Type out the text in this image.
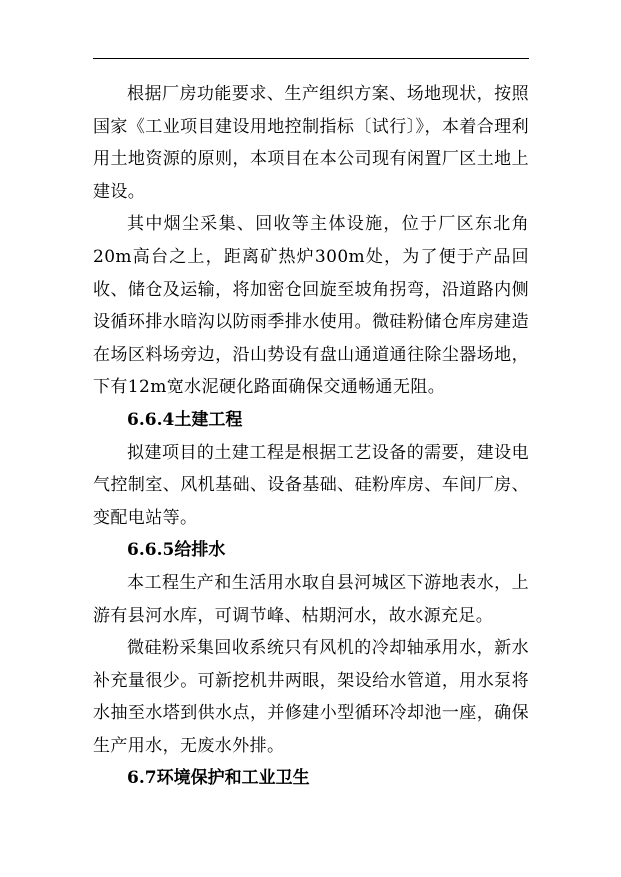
根据厂房功能要求、生产组织方案、场地现状，按照国家《工业项目建设用地控制指标〔试行〕》，本着合理利用土地资源的原则，本项目在本公司现有闲置厂区土地上建设。

其中烟尘采集、回收等主体设施，位于厂区东北角20m高台之上，距离矿热炉300m处，为了便于产品回收、储仓及运输，将加密仓回旋至坡角拐弯，沿道路内侧设循环排水暗沟以防雨季排水使用。微硅粉储仓库房建造在场区料场旁边，沿山势设有盘山通道通往除尘器场地，下有12m宽水泥硬化路面确保交通畅通无阻。

6.6.4土建工程

拟建项目的土建工程是根据工艺设备的需要，建设电气控制室、风机基础、设备基础、硅粉库房、车间厂房、变配电站等。

6.6.5给排水

本工程生产和生活用水取自县河城区下游地表水，上游有县河水库，可调节峰、枯期河水，故水源充足。

微硅粉采集回收系统只有风机的冷却轴承用水，新水补充量很少。可新挖机井两眼，架设给水管道，用水泵将水抽至水塔到供水点，并修建小型循环冷却池一座，确保生产用水，无废水外排。

6.7环境保护和工业卫生
